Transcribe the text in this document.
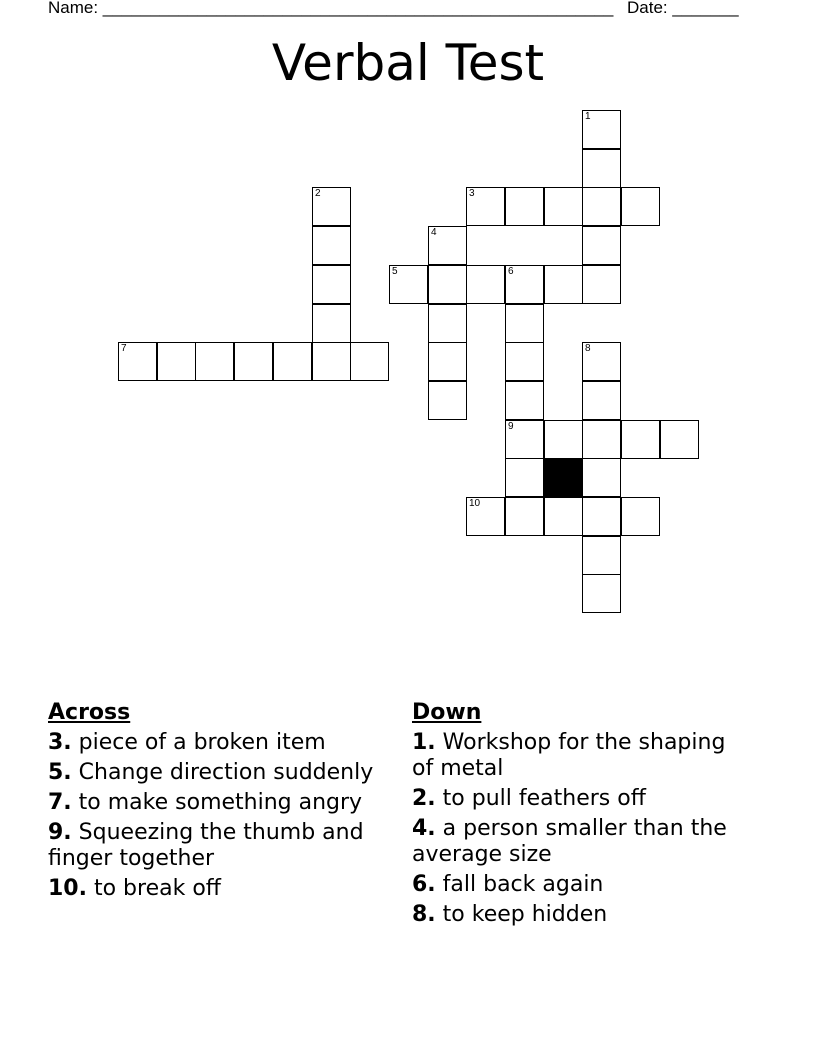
Name: ______________________________________________________ Date: _______
Verbal Test
1
2	3
4
5	6
7	8
9
10
Across
3. piece of a broken item
5. Change direction suddenly
7. to make something angry
9. Squeezing the thumb and finger together
10. to break off
Down
1. Workshop for the shaping of metal
2. to pull feathers off
4. a person smaller than the average size
6. fall back again
8. to keep hidden
